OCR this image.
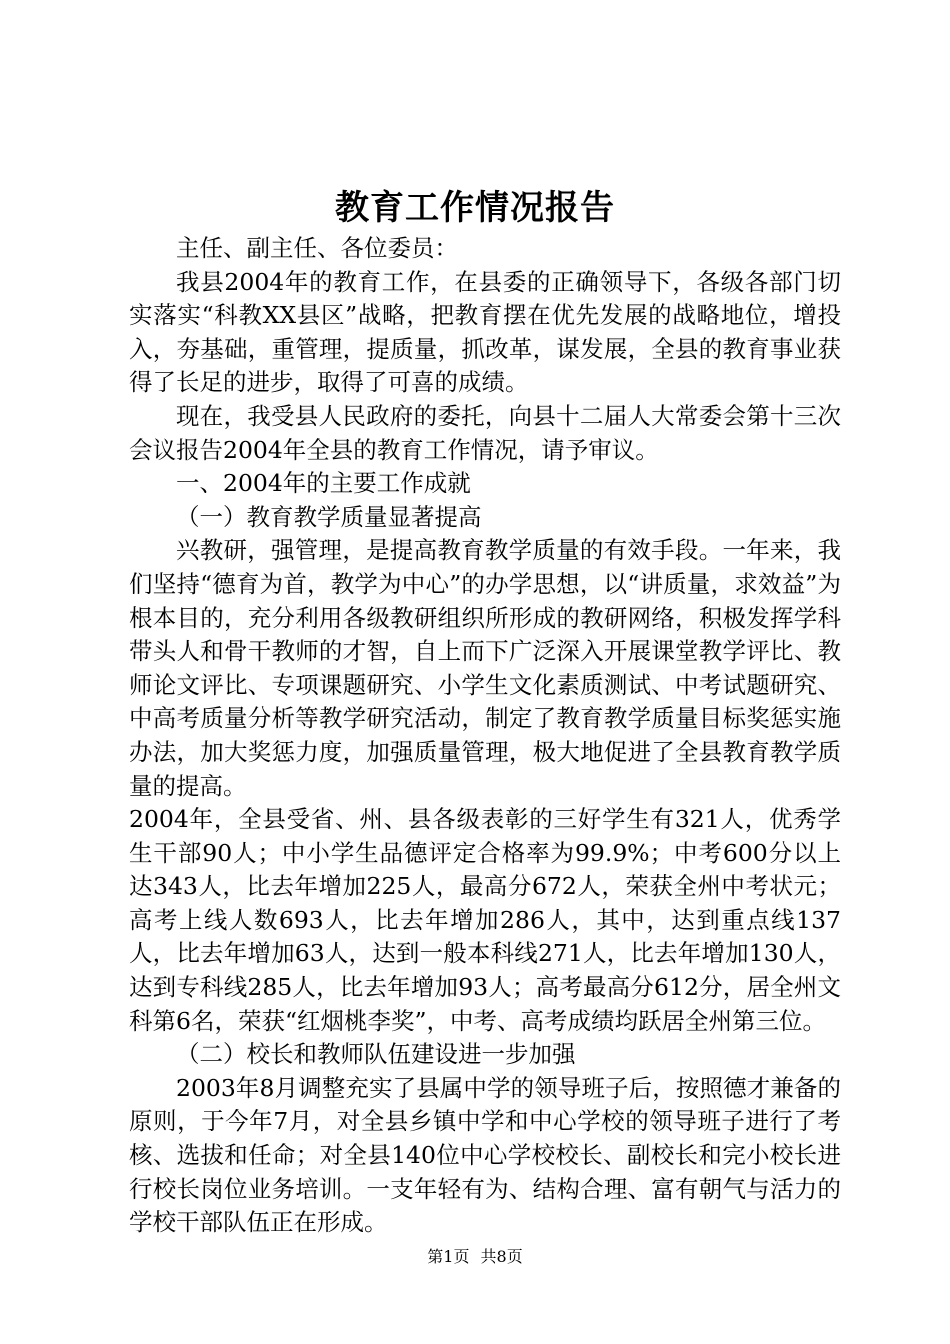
教育工作情况报告

主任、副主任、各位委员：

我县2004年的教育工作，在县委的正确领导下，各级各部门切实落实“科教XX县区”战略，把教育摆在优先发展的战略地位，增投入，夯基础，重管理，提质量，抓改革，谋发展，全县的教育事业获得了长足的进步，取得了可喜的成绩。

现在，我受县人民政府的委托，向县十二届人大常委会第十三次会议报告2004年全县的教育工作情况，请予审议。

一、2004年的主要工作成就

（一）教育教学质量显著提高

兴教研，强管理，是提高教育教学质量的有效手段。一年来，我们坚持“德育为首，教学为中心”的办学思想，以“讲质量，求效益”为根本目的，充分利用各级教研组织所形成的教研网络，积极发挥学科带头人和骨干教师的才智，自上而下广泛深入开展课堂教学评比、教师论文评比、专项课题研究、小学生文化素质测试、中考试题研究、中高考质量分析等教学研究活动，制定了教育教学质量目标奖惩实施办法，加大奖惩力度，加强质量管理，极大地促进了全县教育教学质量的提高。

2004年，全县受省、州、县各级表彰的三好学生有321人，优秀学生干部90人；中小学生品德评定合格率为99.9%；中考600分以上达343人，比去年增加225人，最高分672人，荣获全州中考状元；高考上线人数693人，比去年增加286人，其中，达到重点线137人，比去年增加63人，达到一般本科线271人，比去年增加130人，达到专科线285人，比去年增加93人；高考最高分612分，居全州文科第6名，荣获“红烟桃李奖”，中考、高考成绩均跃居全州第三位。

（二）校长和教师队伍建设进一步加强

2003年8月调整充实了县属中学的领导班子后，按照德才兼备的原则，于今年7月，对全县乡镇中学和中心学校的领导班子进行了考核、选拔和任命；对全县140位中心学校校长、副校长和完小校长进行校长岗位业务培训。一支年轻有为、结构合理、富有朝气与活力的学校干部队伍正在形成。

第1页 共8页
